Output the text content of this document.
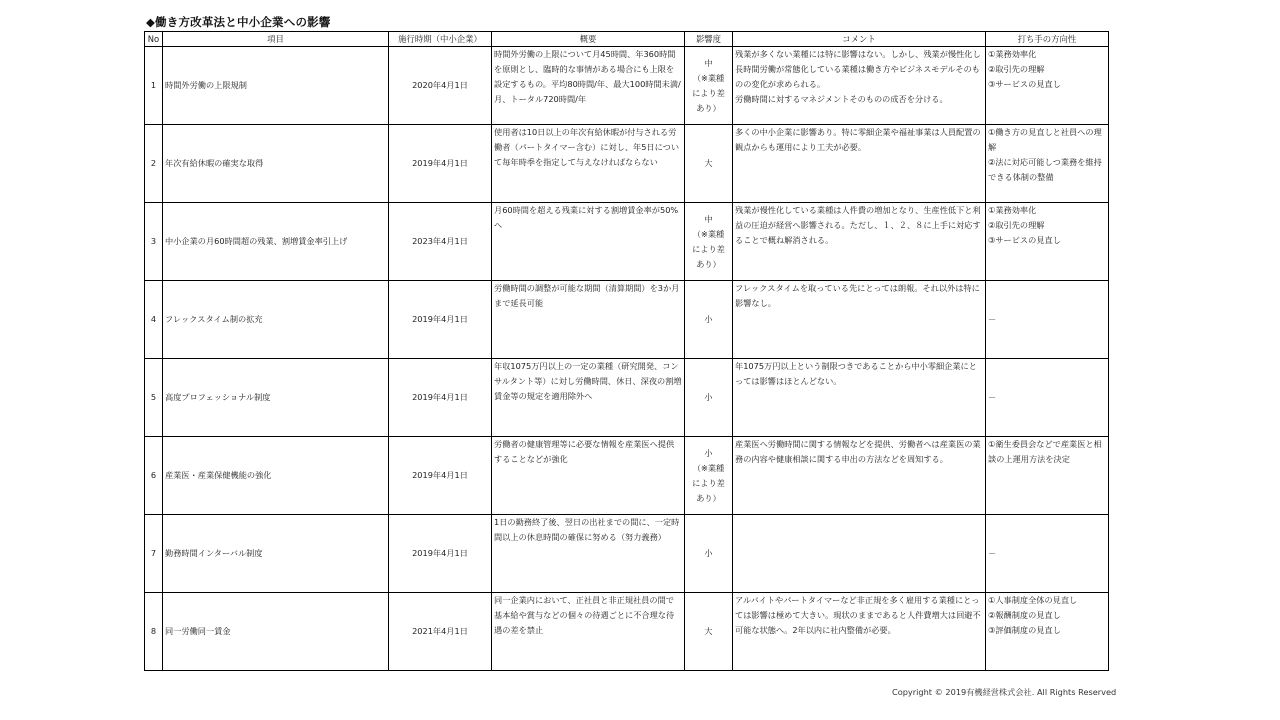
◆働き方改革法と中小企業への影響
No	項目	施行時期（中小企業）	概要	影響度	コメント	打ち手の方向性
1	時間外労働の上限規制	2020年4月1日	時間外労働の上限について月45時間、年360時間を原則とし、臨時的な事情がある場合にも上限を設定するもの。平均80時間/年、最大100時間未満/月、トータル720時間/年	中
（※業種
により差
あり）	残業が多くない業種には特に影響はない。しかし、残業が慢性化し長時間労働が常態化している業種は働き方やビジネスモデルそのものの変化が求められる。
労働時間に対するマネジメントそのものの成否を分ける。	①業務効率化
②取引先の理解
③サービスの見直し
2	年次有給休暇の確実な取得	2019年4月1日	使用者は10日以上の年次有給休暇が付与される労働者（パートタイマー含む）に対し、年5日について毎年時季を指定して与えなければならない	大	多くの中小企業に影響あり。特に零細企業や福祉事業は人員配置の観点からも運用により工夫が必要。	①働き方の見直しと社員への理解
②法に対応可能しつ業務を維持できる体制の整備
3	中小企業の月60時間超の残業、割増賃金率引上げ	2023年4月1日	月60時間を超える残業に対する割増賃金率が50%へ	中
（※業種
により差
あり）	残業が慢性化している業種は人件費の増加となり、生産性低下と利益の圧迫が経営へ影響される。ただし、１、２、８に上手に対応することで概ね解消される。	①業務効率化
②取引先の理解
③サービスの見直し
4	フレックスタイム制の拡充	2019年4月1日	労働時間の調整が可能な期間（清算期間）を3か月まで延長可能	小	フレックスタイムを取っている先にとっては朗報。それ以外は特に影響なし。	－
5	高度プロフェッショナル制度	2019年4月1日	年収1075万円以上の一定の業種（研究開発、コンサルタント等）に対し労働時間、休日、深夜の割増賃金等の規定を適用除外へ	小	年1075万円以上という制限つきであることから中小零細企業にとっては影響はほとんどない。	－
6	産業医・産業保健機能の強化	2019年4月1日	労働者の健康管理等に必要な情報を産業医へ提供することなどが強化	小
（※業種
により差
あり）	産業医へ労働時間に関する情報などを提供、労働者へは産業医の業務の内容や健康相談に関する申出の方法などを周知する。	①衛生委員会などで産業医と相談の上運用方法を決定
7	勤務時間インターバル制度	2019年4月1日	1日の勤務終了後、翌日の出社までの間に、一定時間以上の休息時間の確保に努める（努力義務）	小		－
8	同一労働同一賃金	2021年4月1日	同一企業内において、正社員と非正規社員の間で基本給や賞与などの個々の待遇ごとに不合理な待遇の差を禁止	大	アルバイトやパートタイマーなど非正規を多く雇用する業種にとっては影響は極めて大きい。現状のままであると人件費増大は回避不可能な状態へ。2年以内に社内整備が必要。	①人事制度全体の見直し
②報酬制度の見直し
③評価制度の見直し
Copyright © 2019有機経営株式会社. All Rights Reserved
